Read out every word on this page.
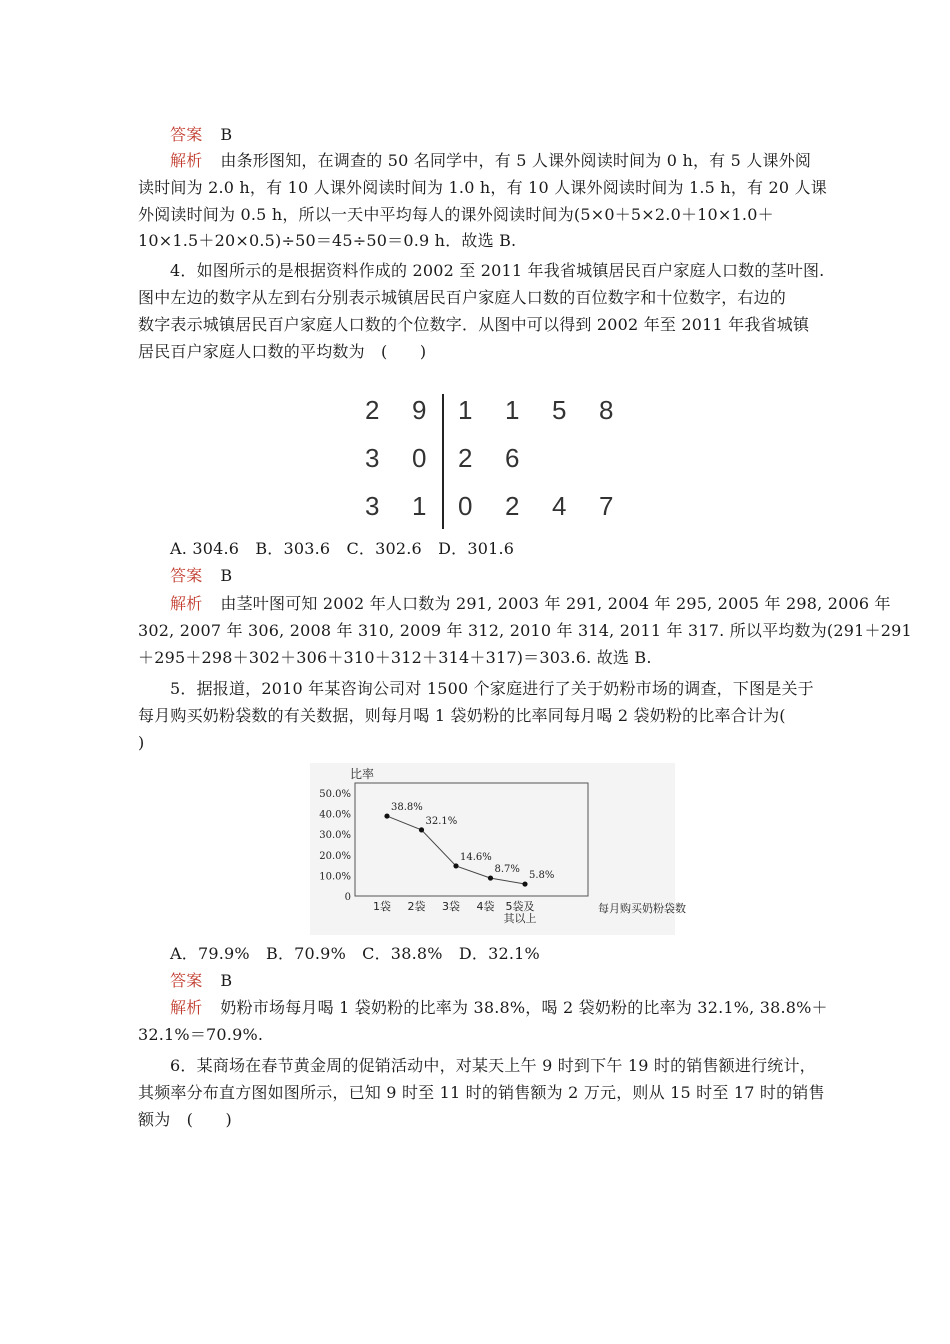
答案 B
解析 由条形图知，在调查的 50 名同学中，有 5 人课外阅读时间为 0 h，有 5 人课外阅
读时间为 2.0 h，有 10 人课外阅读时间为 1.0 h，有 10 人课外阅读时间为 1.5 h，有 20 人课
外阅读时间为 0.5 h，所以一天中平均每人的课外阅读时间为(5×0＋5×2.0＋10×1.0＋
10×1.5＋20×0.5)÷50＝45÷50＝0.9 h．故选 B.
4．如图所示的是根据资料作成的 2002 至 2011 年我省城镇居民百户家庭人口数的茎叶图.
图中左边的数字从左到右分别表示城镇居民百户家庭人口数的百位数字和十位数字，右边的
数字表示城镇居民百户家庭人口数的个位数字．从图中可以得到 2002 年至 2011 年我省城镇
居民百户家庭人口数的平均数为　(　　)
A. 304.6　B．303.6　C．302.6　D．301.6
答案 B
解析 由茎叶图可知 2002 年人口数为 291, 2003 年 291, 2004 年 295, 2005 年 298, 2006 年
302, 2007 年 306, 2008 年 310, 2009 年 312, 2010 年 314, 2011 年 317. 所以平均数为(291＋291
＋295＋298＋302＋306＋310＋312＋314＋317)＝303.6. 故选 B.
5．据报道，2010 年某咨询公司对 1500 个家庭进行了关于奶粉市场的调查，下图是关于
每月购买奶粉袋数的有关数据，则每月喝 1 袋奶粉的比率同每月喝 2 袋奶粉的比率合计为(
)
A．79.9%　B．70.9%　C．38.8%　D．32.1%
答案 B
解析 奶粉市场每月喝 1 袋奶粉的比率为 38.8%，喝 2 袋奶粉的比率为 32.1%, 38.8%＋
32.1%＝70.9%.
6．某商场在春节黄金周的促销活动中，对某天上午 9 时到下午 19 时的销售额进行统计，
其频率分布直方图如图所示，已知 9 时至 11 时的销售额为 2 万元，则从 15 时至 17 时的销售
额为　(　　)
2 9 1 1 5 8
3 0 2 6
3 1 0 2 4 7
比率
0
10.0%
20.0%
30.0%
40.0%
50.0%
38.8%
32.1%
14.6%
8.7%
5.8%
1袋 2袋 3袋 4袋 5袋及其以上
每月购买奶粉袋数
